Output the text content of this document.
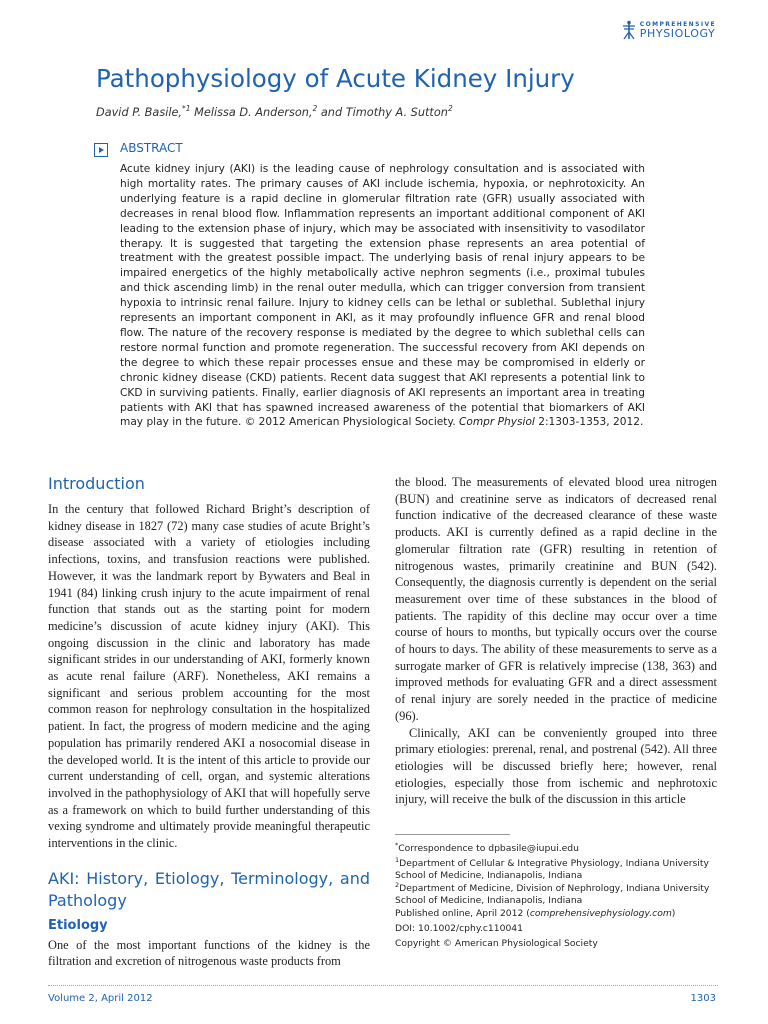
COMPREHENSIVE
PHYSIOLOGY
Pathophysiology of Acute Kidney Injury
David P. Basile,$^{*1}$ Melissa D. Anderson,$^2$ and Timothy A. Sutton$^2$
ABSTRACT

Acute kidney injury (AKI) is the leading cause of nephrology consultation and is associated with high mortality rates. The primary causes of AKI include ischemia, hypoxia, or nephrotoxicity. An underlying feature is a rapid decline in glomerular filtration rate (GFR) usually associated with decreases in renal blood flow. Inflammation represents an important additional component of AKI leading to the extension phase of injury, which may be associated with insensitivity to vasodilator therapy. It is suggested that targeting the extension phase represents an area potential of treatment with the greatest possible impact. The underlying basis of renal injury appears to be impaired energetics of the highly metabolically active nephron segments (i.e., proximal tubules and thick ascending limb) in the renal outer medulla, which can trigger conversion from transient hypoxia to intrinsic renal failure. Injury to kidney cells can be lethal or sublethal. Sublethal injury represents an important component in AKI, as it may profoundly influence GFR and renal blood flow. The nature of the recovery response is mediated by the degree to which sublethal cells can restore normal function and promote regeneration. The successful recovery from AKI depends on the degree to which these repair processes ensue and these may be compromised in elderly or chronic kidney disease (CKD) patients. Recent data suggest that AKI represents a potential link to CKD in surviving patients. Finally, earlier diagnosis of AKI represents an important area in treating patients with AKI that has spawned increased awareness of the potential that biomarkers of AKI may play in the future. © 2012 American Physiological Society. Compr Physiol 2:1303-1353, 2012.

Introduction

In the century that followed Richard Bright’s description of kidney disease in 1827 (72) many case studies of acute Bright’s disease associated with a variety of etiologies including infections, toxins, and transfusion reactions were published. However, it was the landmark report by Bywaters and Beal in 1941 (84) linking crush injury to the acute impairment of renal function that stands out as the starting point for modern medicine’s discussion of acute kidney injury (AKI). This ongoing discussion in the clinic and laboratory has made significant strides in our understanding of AKI, formerly known as acute renal failure (ARF). Nonetheless, AKI remains a significant and serious problem accounting for the most common reason for nephrology consultation in the hospitalized patient. In fact, the progress of modern medicine and the aging population has primarily rendered AKI a nosocomial disease in the developed world. It is the intent of this article to provide our current understanding of cell, organ, and systemic alterations involved in the pathophysiology of AKI that will hopefully serve as a framework on which to build further understanding of this vexing syndrome and ultimately provide meaningful therapeutic interventions in the clinic.

AKI: History, Etiology, Terminology, and Pathology
Etiology

One of the most important functions of the kidney is the filtration and excretion of nitrogenous waste products from

the blood. The measurements of elevated blood urea nitrogen (BUN) and creatinine serve as indicators of decreased renal function indicative of the decreased clearance of these waste products. AKI is currently defined as a rapid decline in the glomerular filtration rate (GFR) resulting in retention of nitrogenous wastes, primarily creatinine and BUN (542). Consequently, the diagnosis currently is dependent on the serial measurement over time of these substances in the blood of patients. The rapidity of this decline may occur over a time course of hours to months, but typically occurs over the course of hours to days. The ability of these measurements to serve as a surrogate marker of GFR is relatively imprecise (138, 363) and improved methods for evaluating GFR and a direct assessment of renal injury are sorely needed in the practice of medicine (96).

Clinically, AKI can be conveniently grouped into three primary etiologies: prerenal, renal, and postrenal (542). All three etiologies will be discussed briefly here; however, renal etiologies, especially those from ischemic and nephrotoxic injury, will receive the bulk of the discussion in this article

*Correspondence to dpbasile@iupui.edu

$^1$Department of Cellular & Integrative Physiology, Indiana University School of Medicine, Indianapolis, Indiana

$^2$Department of Medicine, Division of Nephrology, Indiana University School of Medicine, Indianapolis, Indiana

Published online, April 2012 (comprehensivephysiology.com)

DOI: 10.1002/cphy.c110041

Copyright © American Physiological Society

Volume 2, April 2012	1303
